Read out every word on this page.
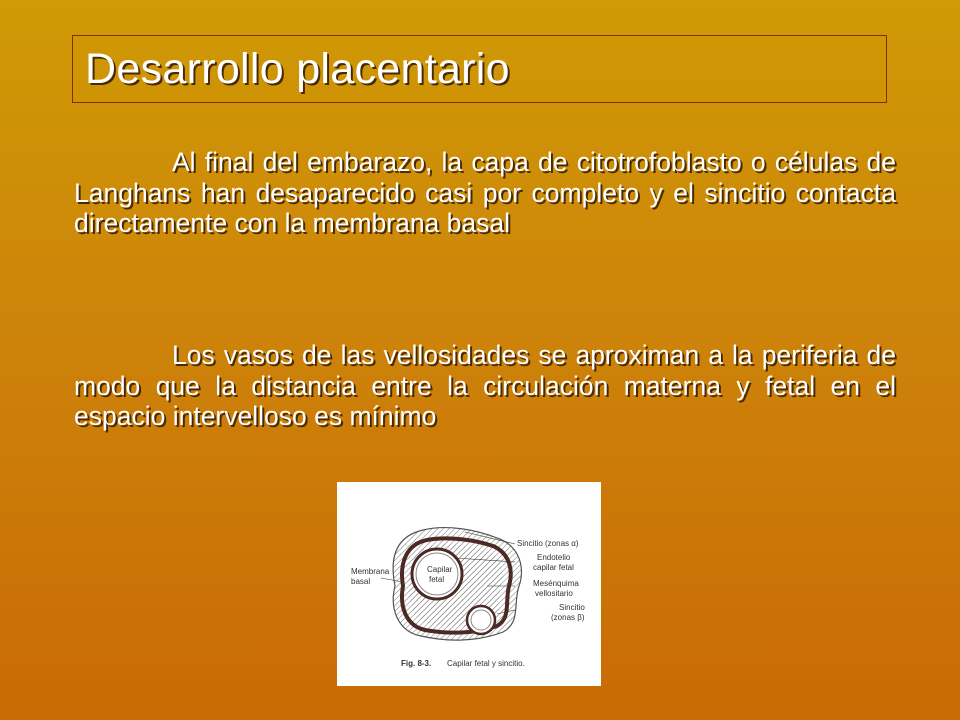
Desarrollo placentario

Al final del embarazo, la capa de citotrofoblasto o células de Langhans han desaparecido casi por completo y el sincitio contacta directamente con la membrana basal

Los vasos de las vellosidades se aproximan a la periferia de modo que la distancia entre la circulación materna y fetal en el espacio intervelloso es mínimo

Sincitio (zonas α)
Endotelio
capilar fetal
Mesénquima
vellositario
Sincitio
(zonas β)
Membrana
basal
Capilar
fetal
Fig. 8-3. Capilar fetal y sincitio.
